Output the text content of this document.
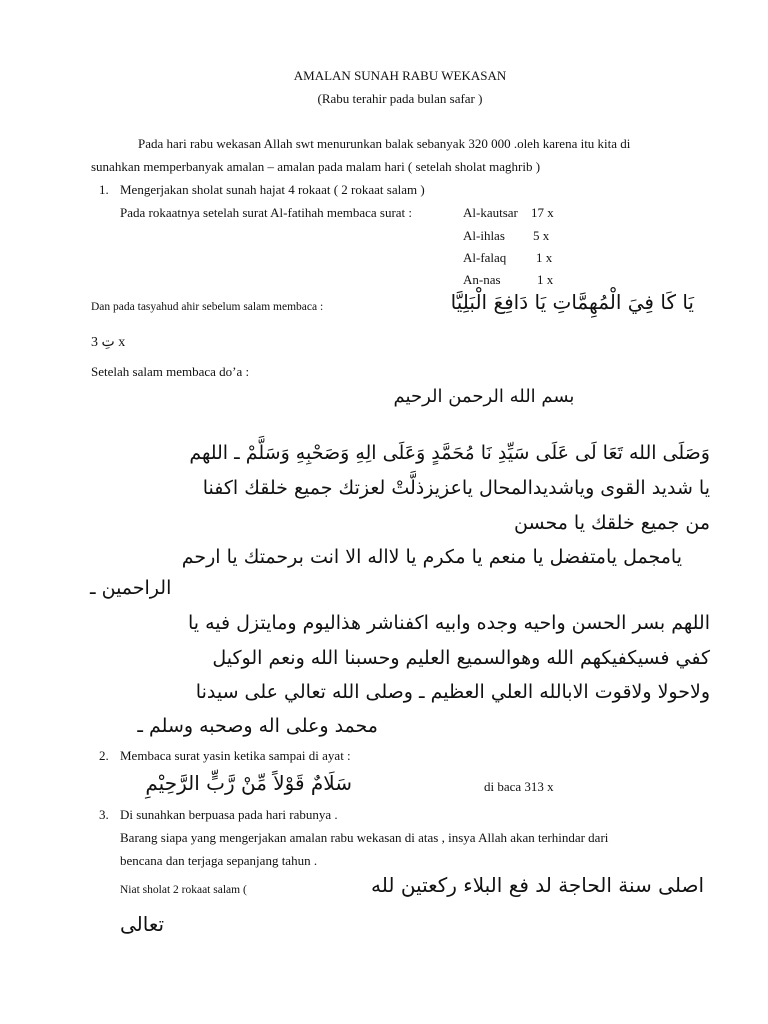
AMALAN SUNAH RABU WEKASAN
(Rabu terahir pada bulan safar )
Pada hari rabu wekasan Allah swt menurunkan balak sebanyak 320 000 .oleh karena itu kita di
sunahkan memperbanyak amalan – amalan pada malam hari ( setelah sholat maghrib )
1. Mengerjakan sholat sunah hajat 4 rokaat ( 2 rokaat salam )
Pada rokaatnya setelah surat Al-fatihah membaca surat :	Al-kautsar 17 x
Al-ihlas 5 x
Al-falaq 1 x
An-nas	1 x
Dan pada tasyahud ahir sebelum salam membaca :	يَا كَا فِيَ الْمُهِمَّاتِ يَا دَافِعَ الْبَلِيَّا
3 تِ x
Setelah salam membaca do’a :
بسم الله الرحمن الرحيم
وَصَلَى الله تَعَا لَى عَلَى سَيِّدِ نَا مُحَمَّدٍ وَعَلَى الِهِ وَصَحْبِهِ وَسَلَّمْ ـ اللهم
يا شديد القوى وياشديدالمحال ياعزيزذلَّتْ لعزتك جميع خلقك اكفنا
من جميع خلقك يا محسن
يامجمل يامتفضل يا منعم يا مكرم يا لااله الا انت برحمتك يا ارحم
الراحمين ـ
اللهم بسر الحسن واحيه وجده وابيه اكفناشر هذاليوم ومايتزل فيه يا
كفي فسيكفيكهم الله وهوالسميع العليم وحسبنا الله ونعم الوكيل
ولاحولا ولاقوت الابالله العلي العظيم ـ وصلى الله تعالي على سيدنا
محمد وعلى اله وصحبه وسلم ـ
2. Membaca surat yasin ketika sampai di ayat :
سَلَامٌ قَوْلاً مِّنْ رَّبٍّ الرَّحِيْمِ	di baca 313 x
3. Di sunahkan berpuasa pada hari rabunya .
Barang siapa yang mengerjakan amalan rabu wekasan di atas , insya Allah akan terhindar dari
bencana dan terjaga sepanjang tahun .
Niat sholat 2 rokaat salam (	اصلى سنة الحاجة لد فع البلاء ركعتين لله
تعالى
